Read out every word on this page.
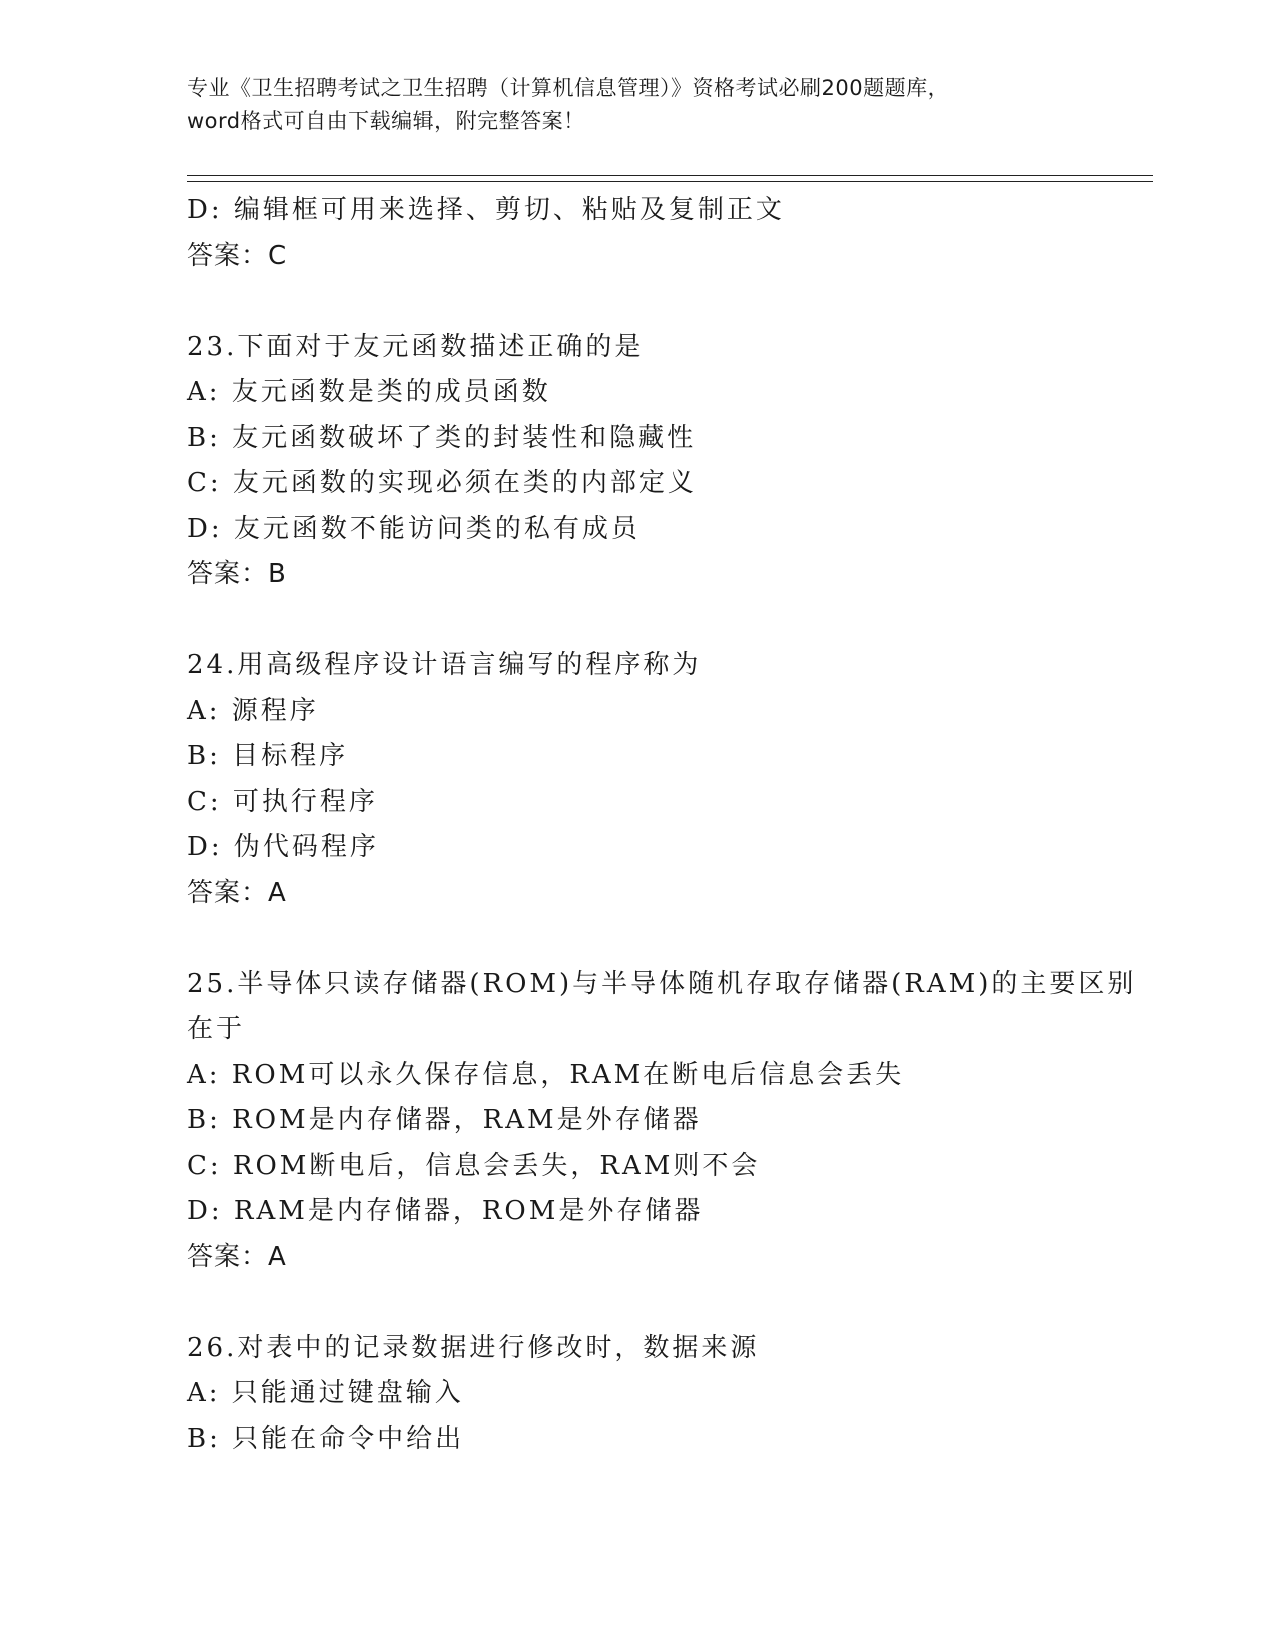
专业《卫生招聘考试之卫生招聘（计算机信息管理）》资格考试必刷200题题库，
word格式可自由下载编辑，附完整答案！
D: 编辑框可用来选择、剪切、粘贴及复制正文
答案：C
23.下面对于友元函数描述正确的是
A: 友元函数是类的成员函数
B: 友元函数破坏了类的封装性和隐藏性
C: 友元函数的实现必须在类的内部定义
D: 友元函数不能访问类的私有成员
答案：B
24.用高级程序设计语言编写的程序称为
A: 源程序
B: 目标程序
C: 可执行程序
D: 伪代码程序
答案：A
25.半导体只读存储器(ROM)与半导体随机存取存储器(RAM)的主要区别
在于
A: ROM可以永久保存信息，RAM在断电后信息会丢失
B: ROM是内存储器，RAM是外存储器
C: ROM断电后，信息会丢失，RAM则不会
D: RAM是内存储器，ROM是外存储器
答案：A
26.对表中的记录数据进行修改时，数据来源
A: 只能通过键盘输入
B: 只能在命令中给出
